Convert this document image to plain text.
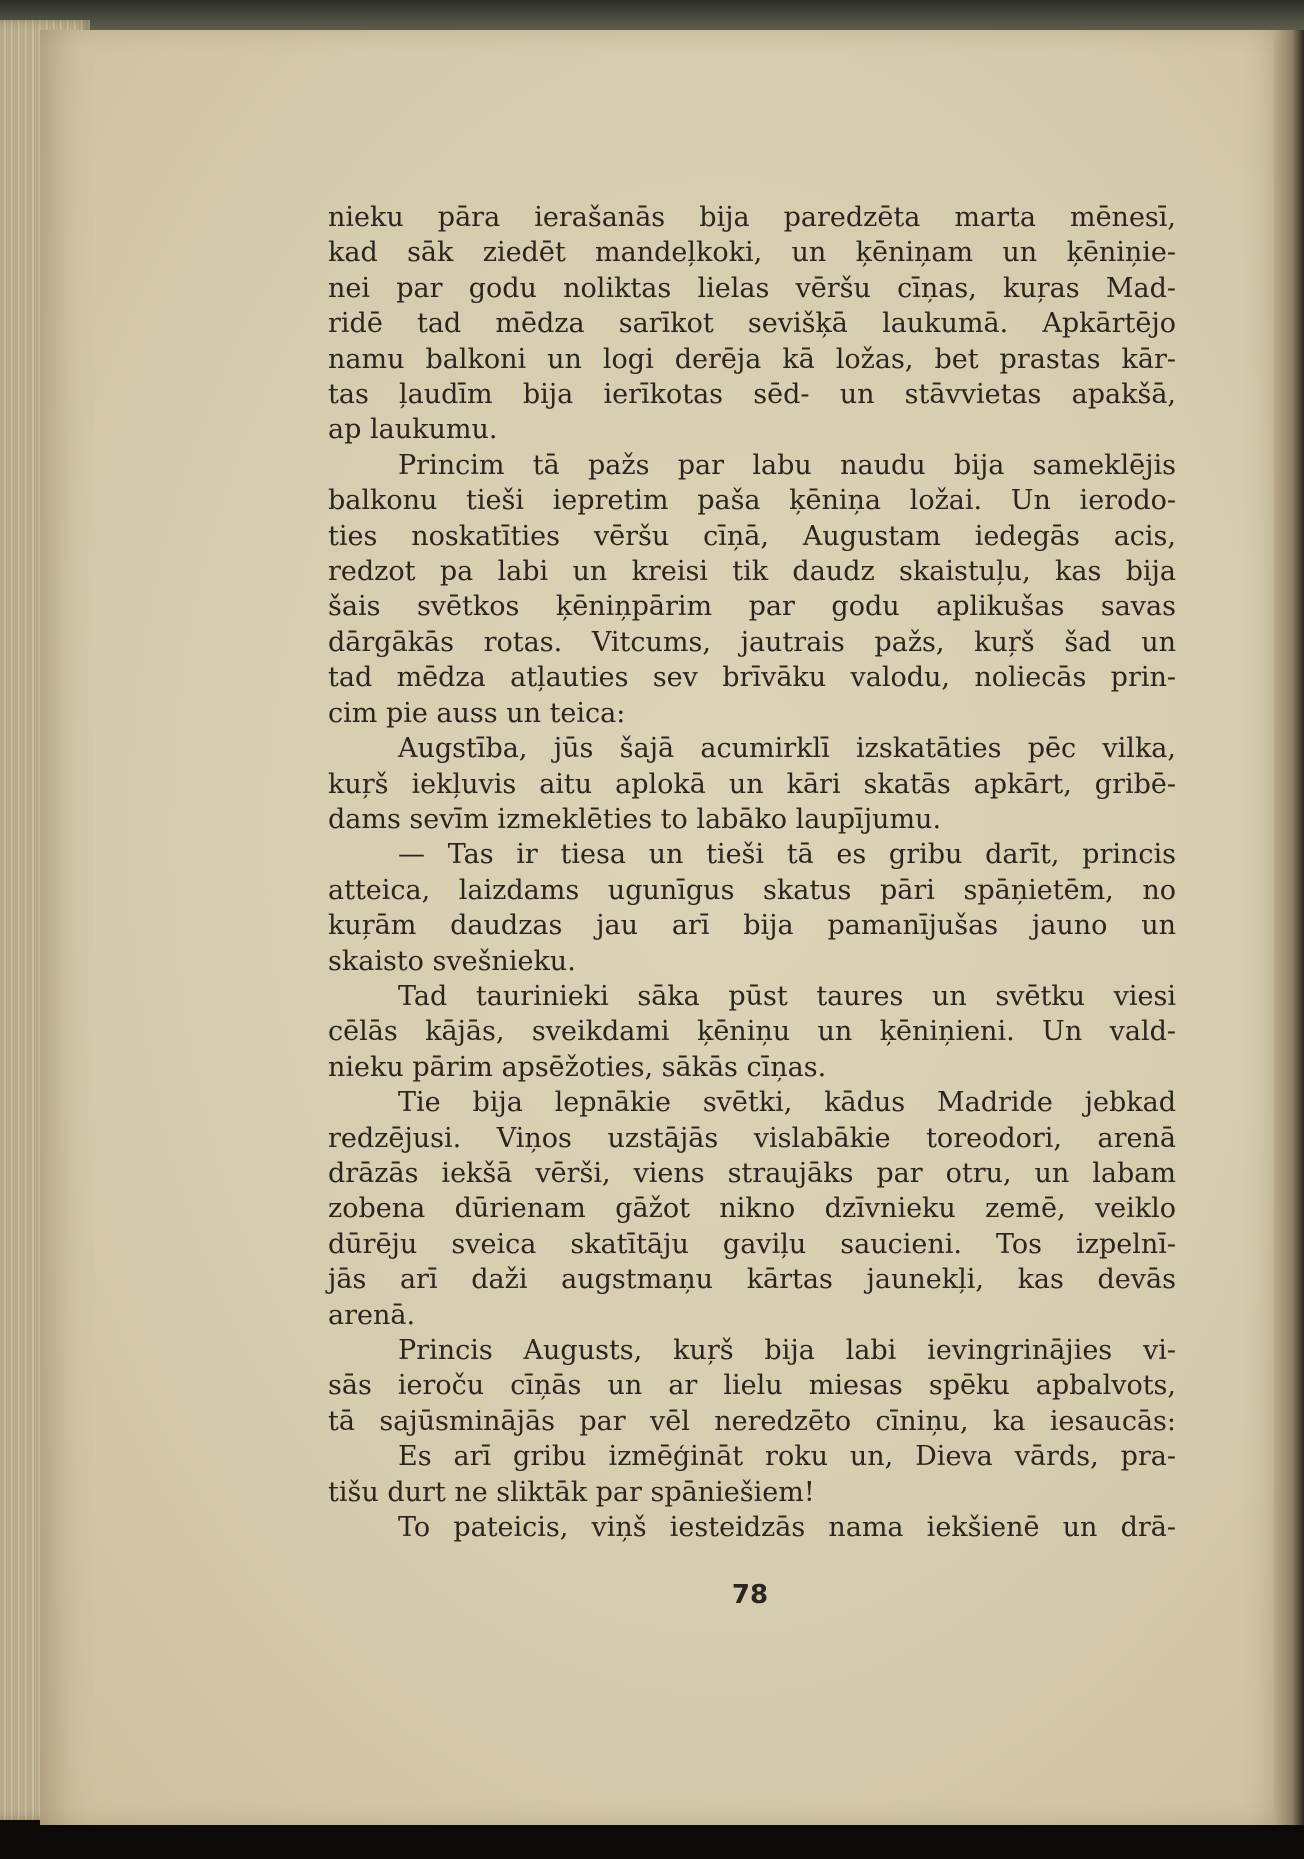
nieku pāra ierašanās bija paredzēta marta mēnesī,
kad sāk ziedēt mandeļkoki, un ķēniņam un ķēniņie-
nei par godu noliktas lielas vēršu cīņas, kuŗas Mad-
ridē tad mēdza sarīkot sevišķā laukumā. Apkārtējo
namu balkoni un logi derēja kā ložas, bet prastas kār-
tas ļaudīm bija ierīkotas sēd- un stāvvietas apakšā,
ap laukumu.
Princim tā pažs par labu naudu bija sameklējis
balkonu tieši iepretim paša ķēniņa ložai. Un ierodo-
ties noskatīties vēršu cīņā, Augustam iedegās acis,
redzot pa labi un kreisi tik daudz skaistuļu, kas bija
šais svētkos ķēniņpārim par godu aplikušas savas
dārgākās rotas. Vitcums, jautrais pažs, kuŗš šad un
tad mēdza atļauties sev brīvāku valodu, noliecās prin-
cim pie auss un teica:
Augstība, jūs šajā acumirklī izskatāties pēc vilka,
kuŗš iekļuvis aitu aplokā un kāri skatās apkārt, gribē-
dams sevīm izmeklēties to labāko laupījumu.
— Tas ir tiesa un tieši tā es gribu darīt, princis
atteica, laizdams ugunīgus skatus pāri spāņietēm, no
kuŗām daudzas jau arī bija pamanījušas jauno un
skaisto svešnieku.
Tad taurinieki sāka pūst taures un svētku viesi
cēlās kājās, sveikdami ķēniņu un ķēniņieni. Un vald-
nieku pārim apsēžoties, sākās cīņas.
Tie bija lepnākie svētki, kādus Madride jebkad
redzējusi. Viņos uzstājās vislabākie toreodori, arenā
drāzās iekšā vērši, viens straujāks par otru, un labam
zobena dūrienam gāžot nikno dzīvnieku zemē, veiklo
dūrēju sveica skatītāju gaviļu saucieni. Tos izpelnī-
jās arī daži augstmaņu kārtas jaunekļi, kas devās
arenā.
Princis Augusts, kuŗš bija labi ievingrinājies vi-
sās ieroču cīņās un ar lielu miesas spēku apbalvots,
tā sajūsminājās par vēl neredzēto cīniņu, ka iesaucās:
Es arī gribu izmēģināt roku un, Dieva vārds, pra-
tišu durt ne sliktāk par spāniešiem!
To pateicis, viņš iesteidzās nama iekšienē un drā-
78
